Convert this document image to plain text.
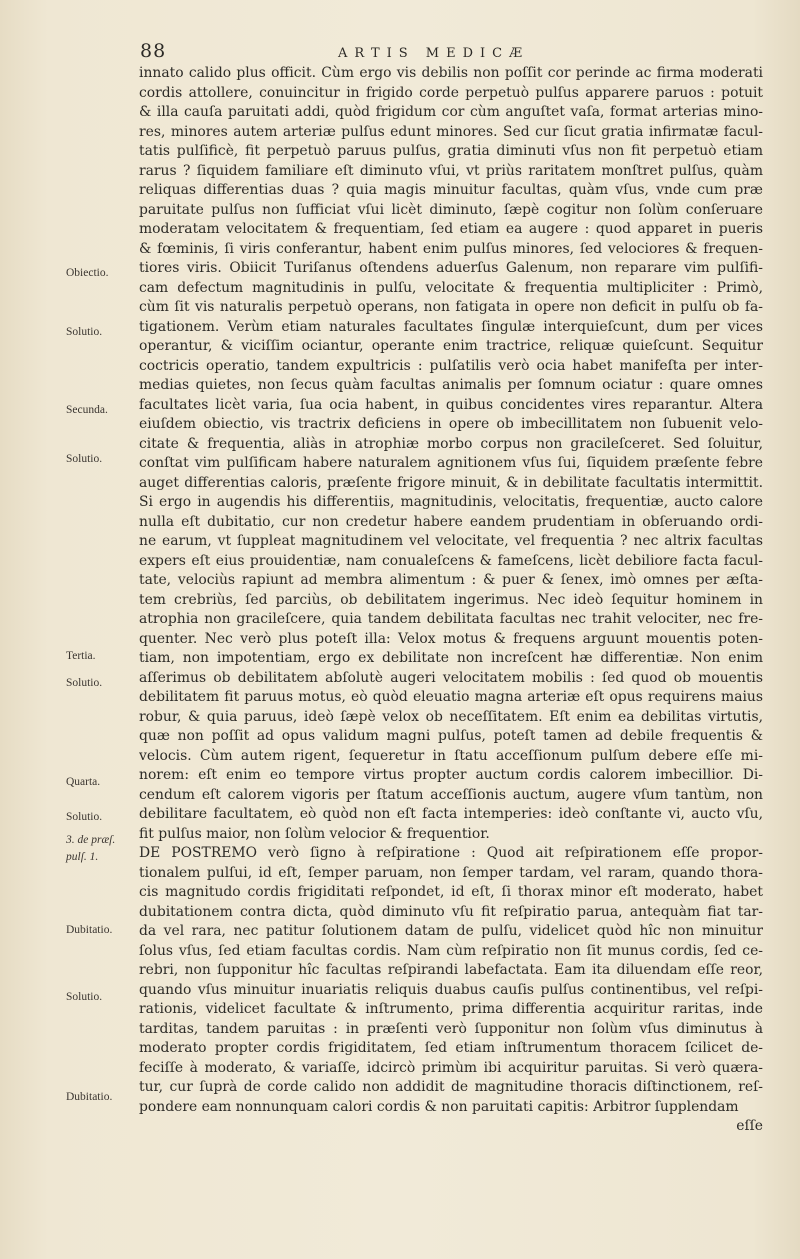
88	ARTIS MEDICÆ
innato calido plus officit. Cùm ergo vis debilis non poſſit cor perinde ac firma moderati
cordis attollere, conuincitur in frigido corde perpetuò pulſus apparere paruos : potuit
& illa cauſa paruitati addi, quòd frigidum cor cùm anguſtet vaſa, format arterias mino-
res, minores autem arteriæ pulſus edunt minores. Sed cur ſicut gratia infirmatæ facul-
tatis pulſificè, fit perpetuò paruus pulſus, gratia diminuti vſus non fit perpetuò etiam
rarus ? ſiquidem familiare eſt diminuto vſui, vt priùs raritatem monſtret pulſus, quàm
reliquas differentias duas ? quia magis minuitur facultas, quàm vſus, vnde cum præ
paruitate pulſus non ſufficiat vſui licèt diminuto, ſæpè cogitur non ſolùm conſeruare
moderatam velocitatem & frequentiam, ſed etiam ea augere : quod apparet in pueris
& fœminis, ſi viris conferantur, habent enim pulſus minores, ſed velociores & frequen-
tiores viris. Obiicit Turiſanus oſtendens aduerſus Galenum, non reparare vim pulſifi-
cam defectum magnitudinis in pulſu, velocitate & frequentia multipliciter : Primò,
cùm ſit vis naturalis perpetuò operans, non fatigata in opere non deficit in pulſu ob fa-
tigationem. Verùm etiam naturales facultates ſingulæ interquieſcunt, dum per vices
operantur, & viciſſim ociantur, operante enim tractrice, reliquæ quieſcunt. Sequitur
coctricis operatio, tandem expultricis : pulſatilis verò ocia habet manifeſta per inter-
medias quietes, non ſecus quàm facultas animalis per ſomnum ociatur : quare omnes
facultates licèt varia, ſua ocia habent, in quibus concidentes vires reparantur. Altera
eiuſdem obiectio, vis tractrix deficiens in opere ob imbecillitatem non ſubuenit velo-
citate & frequentia, aliàs in atrophiæ morbo corpus non gracileſceret. Sed ſoluitur,
conſtat vim pulſificam habere naturalem agnitionem vſus ſui, ſiquidem præſente febre
auget differentias caloris, præſente frigore minuit, & in debilitate facultatis intermittit.
Si ergo in augendis his differentiis, magnitudinis, velocitatis, frequentiæ, aucto calore
nulla eſt dubitatio, cur non credetur habere eandem prudentiam in obſeruando ordi-
ne earum, vt ſuppleat magnitudinem vel velocitate, vel frequentia ? nec altrix facultas
expers eſt eius prouidentiæ, nam conualeſcens & fameſcens, licèt debiliore facta facul-
tate, velociùs rapiunt ad membra alimentum : & puer & ſenex, imò omnes per æſta-
tem crebriùs, ſed parciùs, ob debilitatem ingerimus. Nec ideò ſequitur hominem in
atrophia non gracileſcere, quia tandem debilitata facultas nec trahit velociter, nec fre-
quenter. Nec verò plus poteſt illa: Velox motus & frequens arguunt mouentis poten-
tiam, non impotentiam, ergo ex debilitate non increſcent hæ differentiæ. Non enim
aſſerimus ob debilitatem abſolutè augeri velocitatem mobilis : ſed quod ob mouentis
debilitatem fit paruus motus, eò quòd eleuatio magna arteriæ eſt opus requirens maius
robur, & quia paruus, ideò ſæpè velox ob neceſſitatem. Eſt enim ea debilitas virtutis,
quæ non poſſit ad opus validum magni pulſus, poteſt tamen ad debile frequentis &
velocis. Cùm autem rigent, ſequeretur in ſtatu acceſſionum pulſum debere eſſe mi-
norem: eſt enim eo tempore virtus propter auctum cordis calorem imbecillior. Di-
cendum eſt calorem vigoris per ſtatum acceſſionis auctum, augere vſum tantùm, non
debilitare facultatem, eò quòd non eſt facta intemperies: ideò conſtante vi, aucto vſu,
fit pulſus maior, non ſolùm velocior & frequentior.
DE POSTREMO verò ſigno à reſpiratione : Quod ait reſpirationem eſſe propor-
tionalem pulſui, id eſt, ſemper paruam, non ſemper tardam, vel raram, quando thora-
cis magnitudo cordis frigiditati reſpondet, id eſt, ſi thorax minor eſt moderato, habet
dubitationem contra dicta, quòd diminuto vſu fit reſpiratio parua, antequàm fiat tar-
da vel rara, nec patitur ſolutionem datam de pulſu, videlicet quòd hîc non minuitur
ſolus vſus, ſed etiam facultas cordis. Nam cùm reſpiratio non ſit munus cordis, ſed ce-
rebri, non ſupponitur hîc facultas reſpirandi labefactata. Eam ita diluendam eſſe reor,
quando vſus minuitur inuariatis reliquis duabus cauſis pulſus continentibus, vel reſpi-
rationis, videlicet facultate & inſtrumento, prima differentia acquiritur raritas, inde
tarditas, tandem paruitas : in præſenti verò ſupponitur non ſolùm vſus diminutus à
moderato propter cordis frigiditatem, ſed etiam inſtrumentum thoracem ſcilicet de-
feciſſe à moderato, & variaſſe, idcircò primùm ibi acquiritur paruitas. Si verò quæra-
tur, cur ſuprà de corde calido non addidit de magnitudine thoracis diſtinctionem, reſ-
pondere eam nonnunquam calori cordis & non paruitati capitis: Arbitror ſupplendam
eſſe
Obiectio.
Solutio.
Secunda.
Solutio.
Tertia.
Solutio.
Quarta.
Solutio.
3. de præſ.
pulſ. 1.
Dubitatio.
Solutio.
Dubitatio.
